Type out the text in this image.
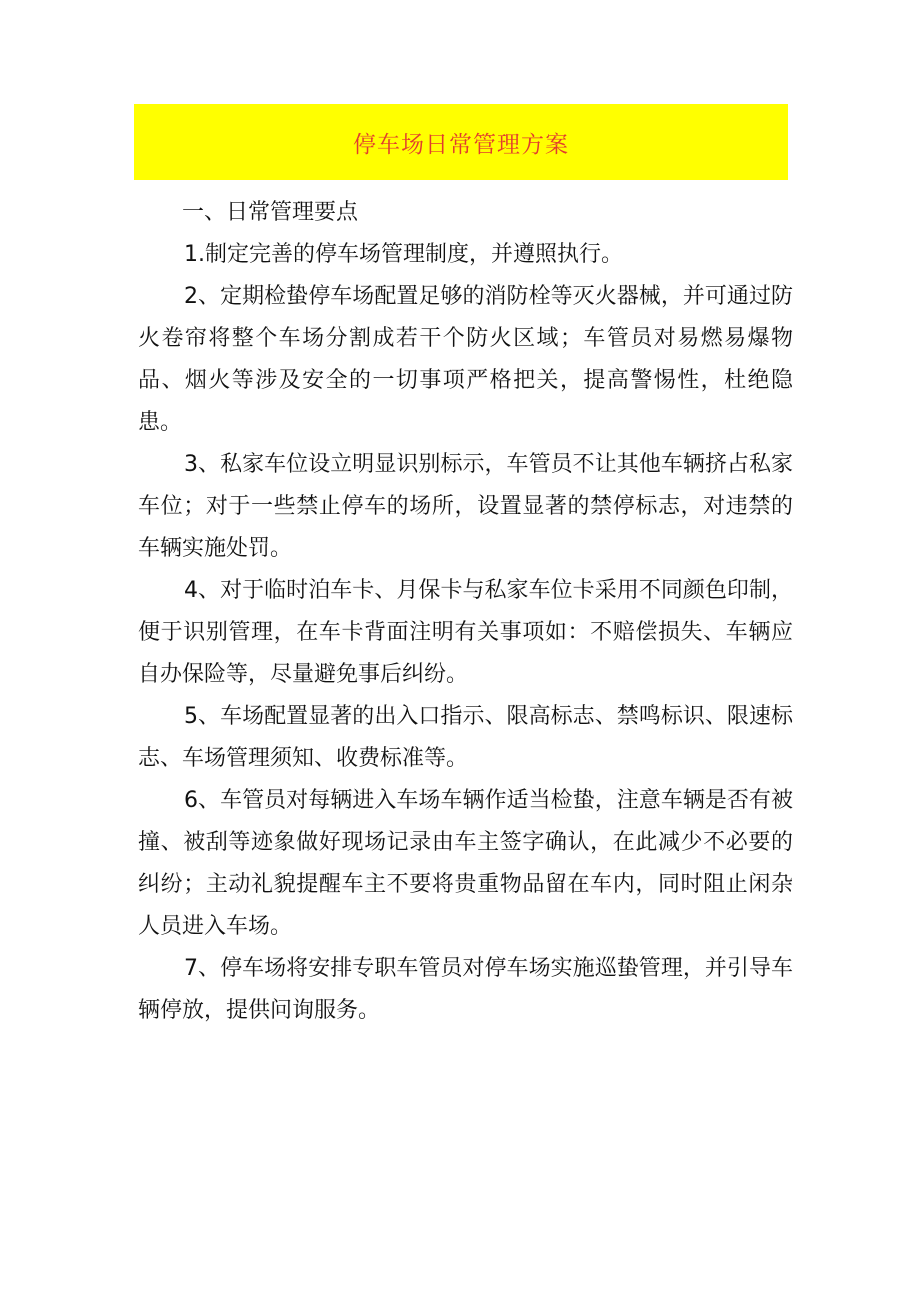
停车场日常管理方案

一、日常管理要点

1.制定完善的停车场管理制度，并遵照执行。

2、定期检蛰停车场配置足够的消防栓等灭火器械，并可通过防火卷帘将整个车场分割成若干个防火区域；车管员对易燃易爆物品、烟火等涉及安全的一切事项严格把关，提高警惕性，杜绝隐患。

3、私家车位设立明显识别标示，车管员不让其他车辆挤占私家车位；对于一些禁止停车的场所，设置显著的禁停标志，对违禁的车辆实施处罚。

4、对于临时泊车卡、月保卡与私家车位卡采用不同颜色印制，便于识别管理，在车卡背面注明有关事项如：不赔偿损失、车辆应自办保险等，尽量避免事后纠纷。

5、车场配置显著的出入口指示、限高标志、禁鸣标识、限速标志、车场管理须知、收费标准等。

6、车管员对每辆进入车场车辆作适当检蛰，注意车辆是否有被撞、被刮等迹象做好现场记录由车主签字确认，在此减少不必要的纠纷；主动礼貌提醒车主不要将贵重物品留在车内，同时阻止闲杂人员进入车场。

7、停车场将安排专职车管员对停车场实施巡蛰管理，并引导车辆停放，提供问询服务。
